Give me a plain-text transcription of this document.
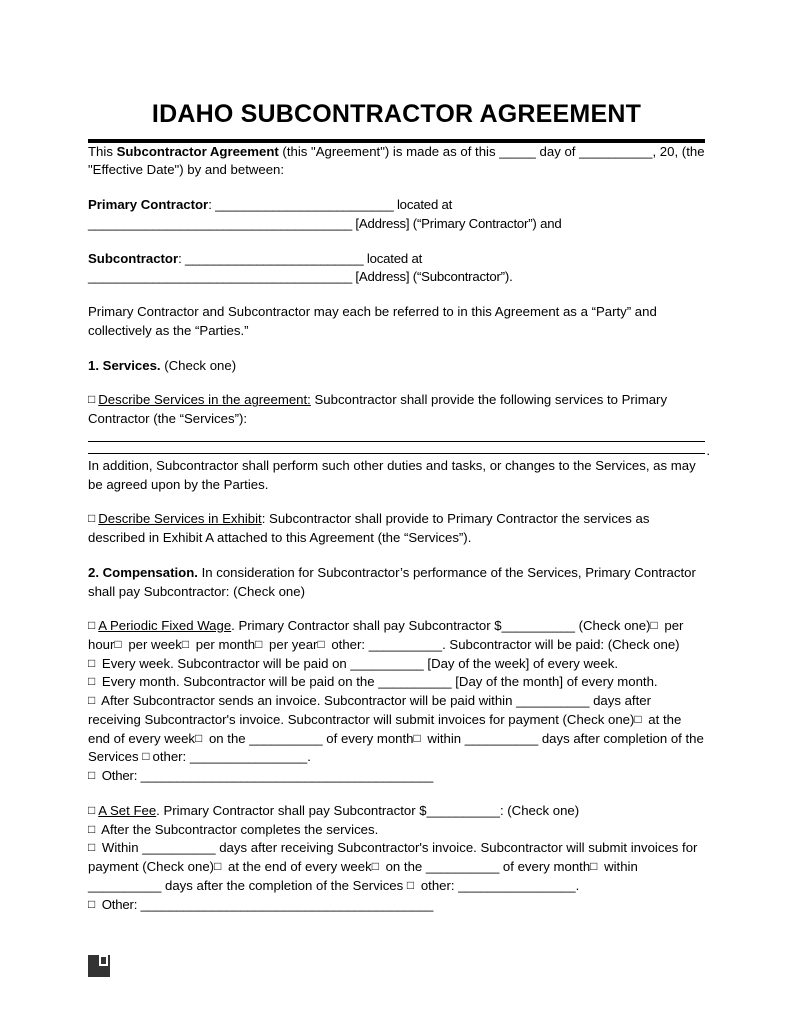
IDAHO SUBCONTRACTOR AGREEMENT

This Subcontractor Agreement (this "Agreement") is made as of this _____ day of __________, 20, (the "Effective Date") by and between:

Primary Contractor: _________________________ located at
_____________________________________ [Address] (“Primary Contractor”) and

Subcontractor: _________________________ located at
_____________________________________ [Address] (“Subcontractor”).

Primary Contractor and Subcontractor may each be referred to in this Agreement as a “Party” and collectively as the “Parties.”

1. Services. (Check one)

□ Describe Services in the agreement: Subcontractor shall provide the following services to Primary Contractor (the “Services”):

.

In addition, Subcontractor shall perform such other duties and tasks, or changes to the Services, as may be agreed upon by the Parties.

□ Describe Services in Exhibit: Subcontractor shall provide to Primary Contractor the services as described in Exhibit A attached to this Agreement (the “Services”).

2. Compensation. In consideration for Subcontractor’s performance of the Services, Primary Contractor shall pay Subcontractor: (Check one)

□ A Periodic Fixed Wage. Primary Contractor shall pay Subcontractor $__________ (Check one)□ per hour□ per week□ per month□ per year□ other: __________. Subcontractor will be paid: (Check one)

□ Every week. Subcontractor will be paid on __________ [Day of the week] of every week.

□ Every month. Subcontractor will be paid on the __________ [Day of the month] of every month.

□ After Subcontractor sends an invoice. Subcontractor will be paid within __________ days after receiving Subcontractor's invoice. Subcontractor will submit invoices for payment (Check one)□ at the end of every week□ on the __________ of every month□ within __________ days after completion of the Services □ other: ________________.

□ Other: _________________________________________

□ A Set Fee. Primary Contractor shall pay Subcontractor $__________: (Check one)

□ After the Subcontractor completes the services.

□ Within __________ days after receiving Subcontractor's invoice. Subcontractor will submit invoices for payment (Check one)□ at the end of every week□ on the __________ of every month□ within __________ days after the completion of the Services □ other: ________________.

□ Other: _________________________________________
